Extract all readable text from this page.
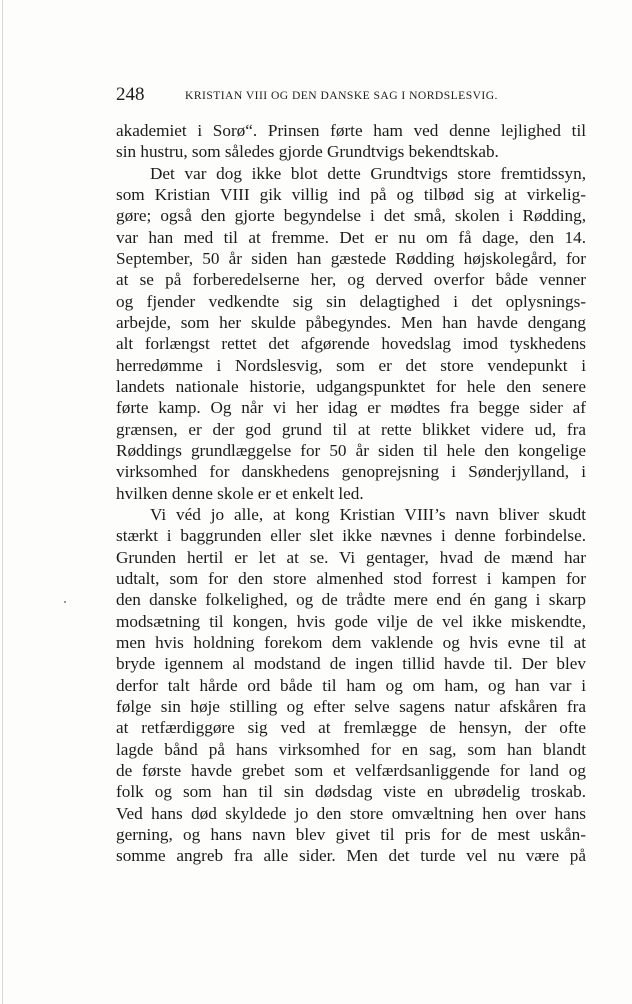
248	KRISTIAN VIII OG DEN DANSKE SAG I NORDSLESVIG.
akademiet i Sorø“. Prinsen førte ham ved denne lejlighed til
sin hustru, som således gjorde Grundtvigs bekendtskab.
Det var dog ikke blot dette Grundtvigs store fremtidssyn,
som Kristian VIII gik villig ind på og tilbød sig at virkelig-
gøre; også den gjorte begyndelse i det små, skolen i Rødding,
var han med til at fremme. Det er nu om få dage, den 14.
September, 50 år siden han gæstede Rødding højskolegård, for
at se på forberedelserne her, og derved overfor både venner
og fjender vedkendte sig sin delagtighed i det oplysnings-
arbejde, som her skulde påbegyndes. Men han havde dengang
alt forlængst rettet det afgørende hovedslag imod tyskhedens
herredømme i Nordslesvig, som er det store vendepunkt i
landets nationale historie, udgangspunktet for hele den senere
førte kamp. Og når vi her idag er mødtes fra begge sider af
grænsen, er der god grund til at rette blikket videre ud, fra
Røddings grundlæggelse for 50 år siden til hele den kongelige
virksomhed for danskhedens genoprejsning i Sønderjylland, i
hvilken denne skole er et enkelt led.
Vi véd jo alle, at kong Kristian VIII’s navn bliver skudt
stærkt i baggrunden eller slet ikke nævnes i denne forbindelse.
Grunden hertil er let at se. Vi gentager, hvad de mænd har
udtalt, som for den store almenhed stod forrest i kampen for
den danske folkelighed, og de trådte mere end én gang i skarp
modsætning til kongen, hvis gode vilje de vel ikke miskendte,
men hvis holdning forekom dem vaklende og hvis evne til at
bryde igennem al modstand de ingen tillid havde til. Der blev
derfor talt hårde ord både til ham og om ham, og han var i
følge sin høje stilling og efter selve sagens natur afskåren fra
at retfærdiggøre sig ved at fremlægge de hensyn, der ofte
lagde bånd på hans virksomhed for en sag, som han blandt
de første havde grebet som et velfærdsanliggende for land og
folk og som han til sin dødsdag viste en ubrødelig troskab.
Ved hans død skyldede jo den store omvæltning hen over hans
gerning, og hans navn blev givet til pris for de mest uskån-
somme angreb fra alle sider. Men det turde vel nu være på
